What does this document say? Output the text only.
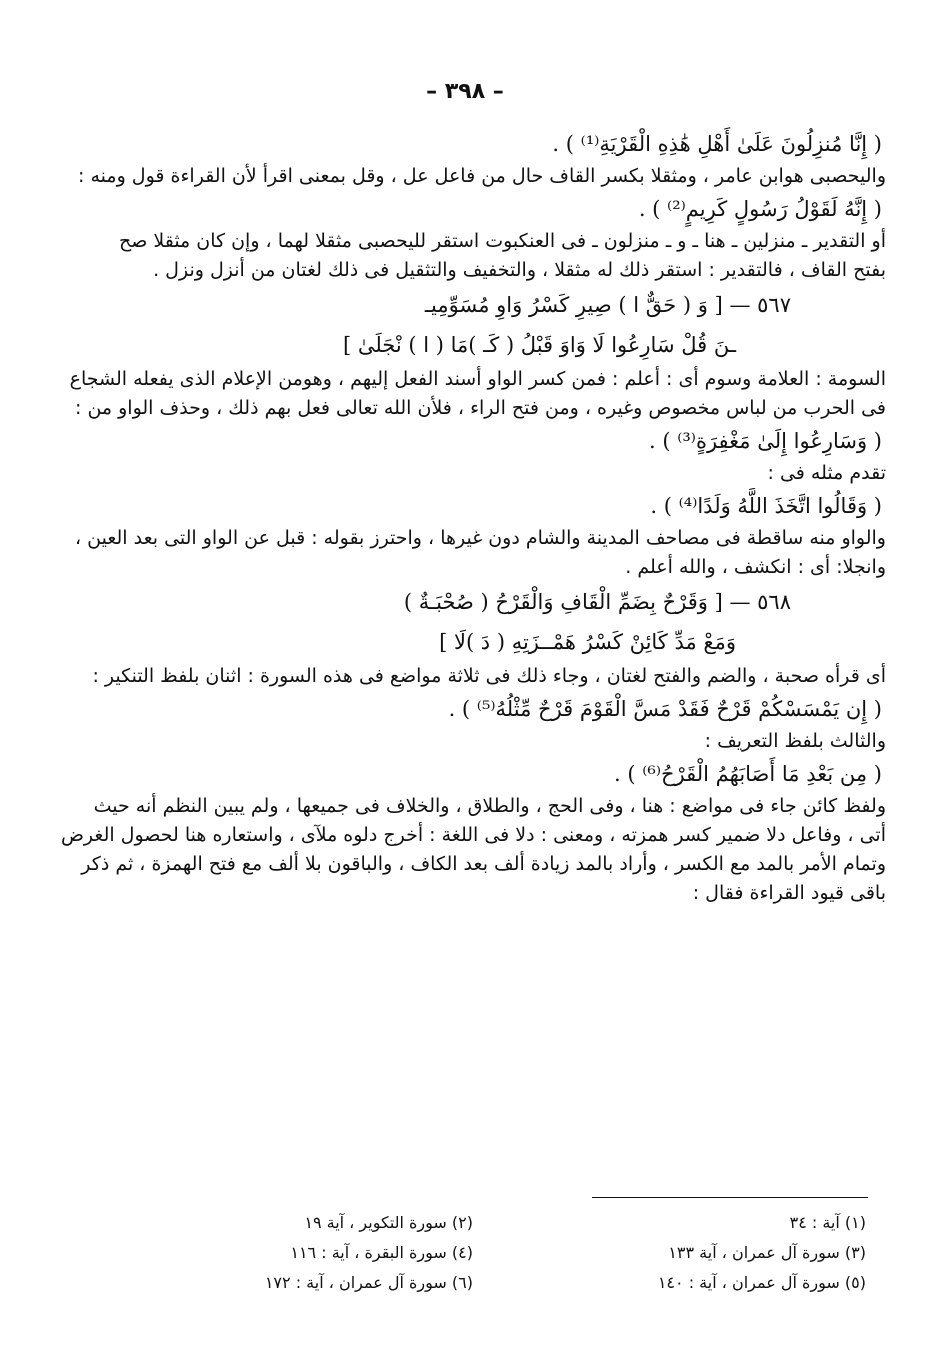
– ٣٩٨ –
( إِنَّا مُنزِلُونَ عَلَىٰ أَهْلِ هَٰذِهِ الْقَرْيَةِ⁽¹⁾ ) .
واليحصبى هوابن عامر ، ومثقلا بكسر القاف حال من فاعل عل ، وقل بمعنى اقرأ لأن القراءة قول ومنه :
( إِنَّهُ لَقَوْلُ رَسُولٍ كَرِيمٍ⁽²⁾ ) .
أو التقدير ـ منزلين ـ هنا ـ و ـ منزلون ـ فى العنكبوت استقر لليحصبى مثقلا لهما ، وإن كان مثقلا صح
بفتح القاف ، فالتقدير : استقر ذلك له مثقلا ، والتخفيف والتثقيل فى ذلك لغتان من أنزل ونزل .
٥٦٧ — [ وَ ( حَقٌّ ا ) صِيرِ كَسْرُ وَاوِ مُسَوِّمِيـ
ـنَ قُلْ سَارِعُوا لَا وَاوَ قَبْلُ ( كَـ )مَا ( ا ) نْجَلَىٰ ]
السومة : العلامة وسوم أى : أعلم : فمن كسر الواو أسند الفعل إليهم ، وهومن الإعلام الذى يفعله الشجاع
فى الحرب من لباس مخصوص وغيره ، ومن فتح الراء ، فلأن الله تعالى فعل بهم ذلك ، وحذف الواو من :
( وَسَارِعُوا إِلَىٰ مَغْفِرَةٍ⁽³⁾ ) .
تقدم مثله فى :
( وَقَالُوا اتَّخَذَ اللَّهُ وَلَدًا⁽⁴⁾ ) .
والواو منه ساقطة فى مصاحف المدينة والشام دون غيرها ، واحترز بقوله : قبل عن الواو التى بعد العين ،
وانجلا: أى : انكشف ، والله أعلم .
٥٦٨ — [ وَقَرْحٌ بِضَمِّ الْقَافِ وَالْقَرْحُ ( صُحْبَـةٌ )
وَمَعْ مَدِّ كَائِنْ كَسْرُ هَمْــزَتِهِ ( دَ )لَا ]
أى قرأه صحبة ، والضم والفتح لغتان ، وجاء ذلك فى ثلاثة مواضع فى هذه السورة : اثنان بلفظ التنكير :
( إِن يَمْسَسْكُمْ قَرْحٌ فَقَدْ مَسَّ الْقَوْمَ قَرْحٌ مِّثْلُهُ⁽⁵⁾ ) .
والثالث بلفظ التعريف :
( مِن بَعْدِ مَا أَصَابَهُمُ الْقَرْحُ⁽⁶⁾ ) .
ولفظ كائن جاء فى مواضع : هنا ، وفى الحج ، والطلاق ، والخلاف فى جميعها ، ولم يبين النظم أنه حيث
أتى ، وفاعل دلا ضمير كسر همزته ، ومعنى : دلا فى اللغة : أخرج دلوه ملآى ، واستعاره هنا لحصول الغرض
وتمام الأمر بالمد مع الكسر ، وأراد بالمد زيادة ألف بعد الكاف ، والباقون بلا ألف مع فتح الهمزة ، ثم ذكر
باقى قيود القراءة فقال :
(١) آية : ٣٤
(٢) سورة التكوير ، آية ١٩
(٣) سورة آل عمران ، آية ١٣٣
(٤) سورة البقرة ، آية : ١١٦
(٥) سورة آل عمران ، آية : ١٤٠
(٦) سورة آل عمران ، آية : ١٧٢
